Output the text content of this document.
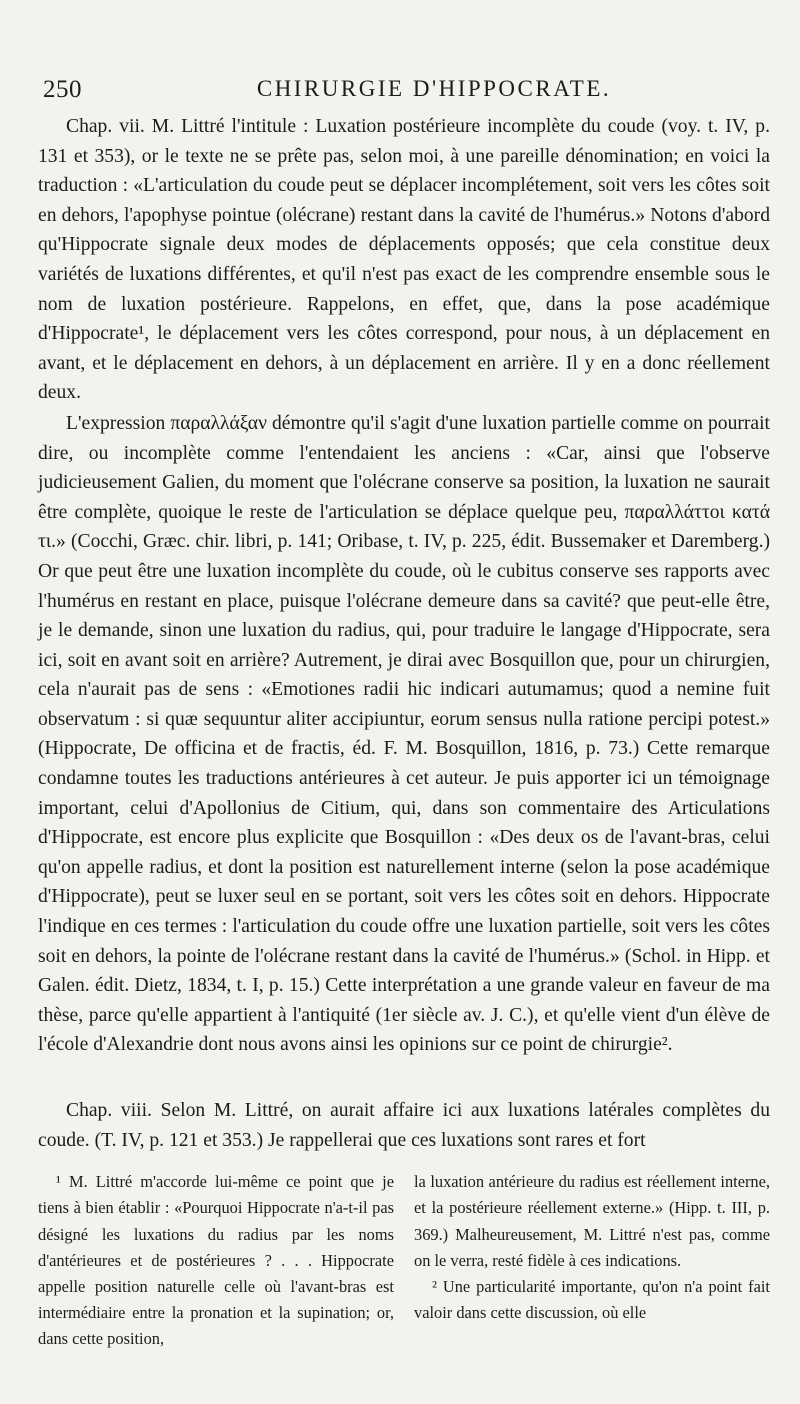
250	CHIRURGIE D'HIPPOCRATE.

Chap. vii. M. Littré l'intitule : Luxation postérieure incomplète du coude (voy. t. IV, p. 131 et 353), or le texte ne se prête pas, selon moi, à une pareille dénomination; en voici la traduction : «L'articulation du coude peut se déplacer incomplétement, soit vers les côtes soit en dehors, l'apophyse pointue (olécrane) restant dans la cavité de l'humérus.» Notons d'abord qu'Hippocrate signale deux modes de déplacements opposés; que cela constitue deux variétés de luxations différentes, et qu'il n'est pas exact de les comprendre ensemble sous le nom de luxation postérieure. Rappelons, en effet, que, dans la pose académique d'Hippocrate¹, le déplacement vers les côtes correspond, pour nous, à un déplacement en avant, et le déplacement en dehors, à un déplacement en arrière. Il y en a donc réellement deux.

L'expression παραλλάξαν démontre qu'il s'agit d'une luxation partielle comme on pourrait dire, ou incomplète comme l'entendaient les anciens : «Car, ainsi que l'observe judicieusement Galien, du moment que l'olécrane conserve sa position, la luxation ne saurait être complète, quoique le reste de l'articulation se déplace quelque peu, παραλλάττοι κατά τι.» (Cocchi, Græc. chir. libri, p. 141; Oribase, t. IV, p. 225, édit. Bussemaker et Daremberg.) Or que peut être une luxation incomplète du coude, où le cubitus conserve ses rapports avec l'humérus en restant en place, puisque l'olécrane demeure dans sa cavité? que peut-elle être, je le demande, sinon une luxation du radius, qui, pour traduire le langage d'Hippocrate, sera ici, soit en avant soit en arrière? Autrement, je dirai avec Bosquillon que, pour un chirurgien, cela n'aurait pas de sens : «Emotiones radii hic indicari autumamus; quod a nemine fuit observatum : si quæ sequuntur aliter accipiuntur, eorum sensus nulla ratione percipi potest.» (Hippocrate, De officina et de fractis, éd. F. M. Bosquillon, 1816, p. 73.) Cette remarque condamne toutes les traductions antérieures à cet auteur. Je puis apporter ici un témoignage important, celui d'Apollonius de Citium, qui, dans son commentaire des Articulations d'Hippocrate, est encore plus explicite que Bosquillon : «Des deux os de l'avant-bras, celui qu'on appelle radius, et dont la position est naturellement interne (selon la pose académique d'Hippocrate), peut se luxer seul en se portant, soit vers les côtes soit en dehors. Hippocrate l'indique en ces termes : l'articulation du coude offre une luxation partielle, soit vers les côtes soit en dehors, la pointe de l'olécrane restant dans la cavité de l'humérus.» (Schol. in Hipp. et Galen. édit. Dietz, 1834, t. I, p. 15.) Cette interprétation a une grande valeur en faveur de ma thèse, parce qu'elle appartient à l'antiquité (1er siècle av. J. C.), et qu'elle vient d'un élève de l'école d'Alexandrie dont nous avons ainsi les opinions sur ce point de chirurgie².

Chap. viii. Selon M. Littré, on aurait affaire ici aux luxations latérales complètes du coude. (T. IV, p. 121 et 353.) Je rappellerai que ces luxations sont rares et fort

¹ M. Littré m'accorde lui-même ce point que je tiens à bien établir : «Pourquoi Hippocrate n'a-t-il pas désigné les luxations du radius par les noms d'antérieures et de postérieures ? . . . Hippocrate appelle position naturelle celle où l'avant-bras est intermédiaire entre la pronation et la supination; or, dans cette position,

la luxation antérieure du radius est réellement interne, et la postérieure réellement externe.» (Hipp. t. III, p. 369.) Malheureusement, M. Littré n'est pas, comme on le verra, resté fidèle à ces indications.

² Une particularité importante, qu'on n'a point fait valoir dans cette discussion, où elle
